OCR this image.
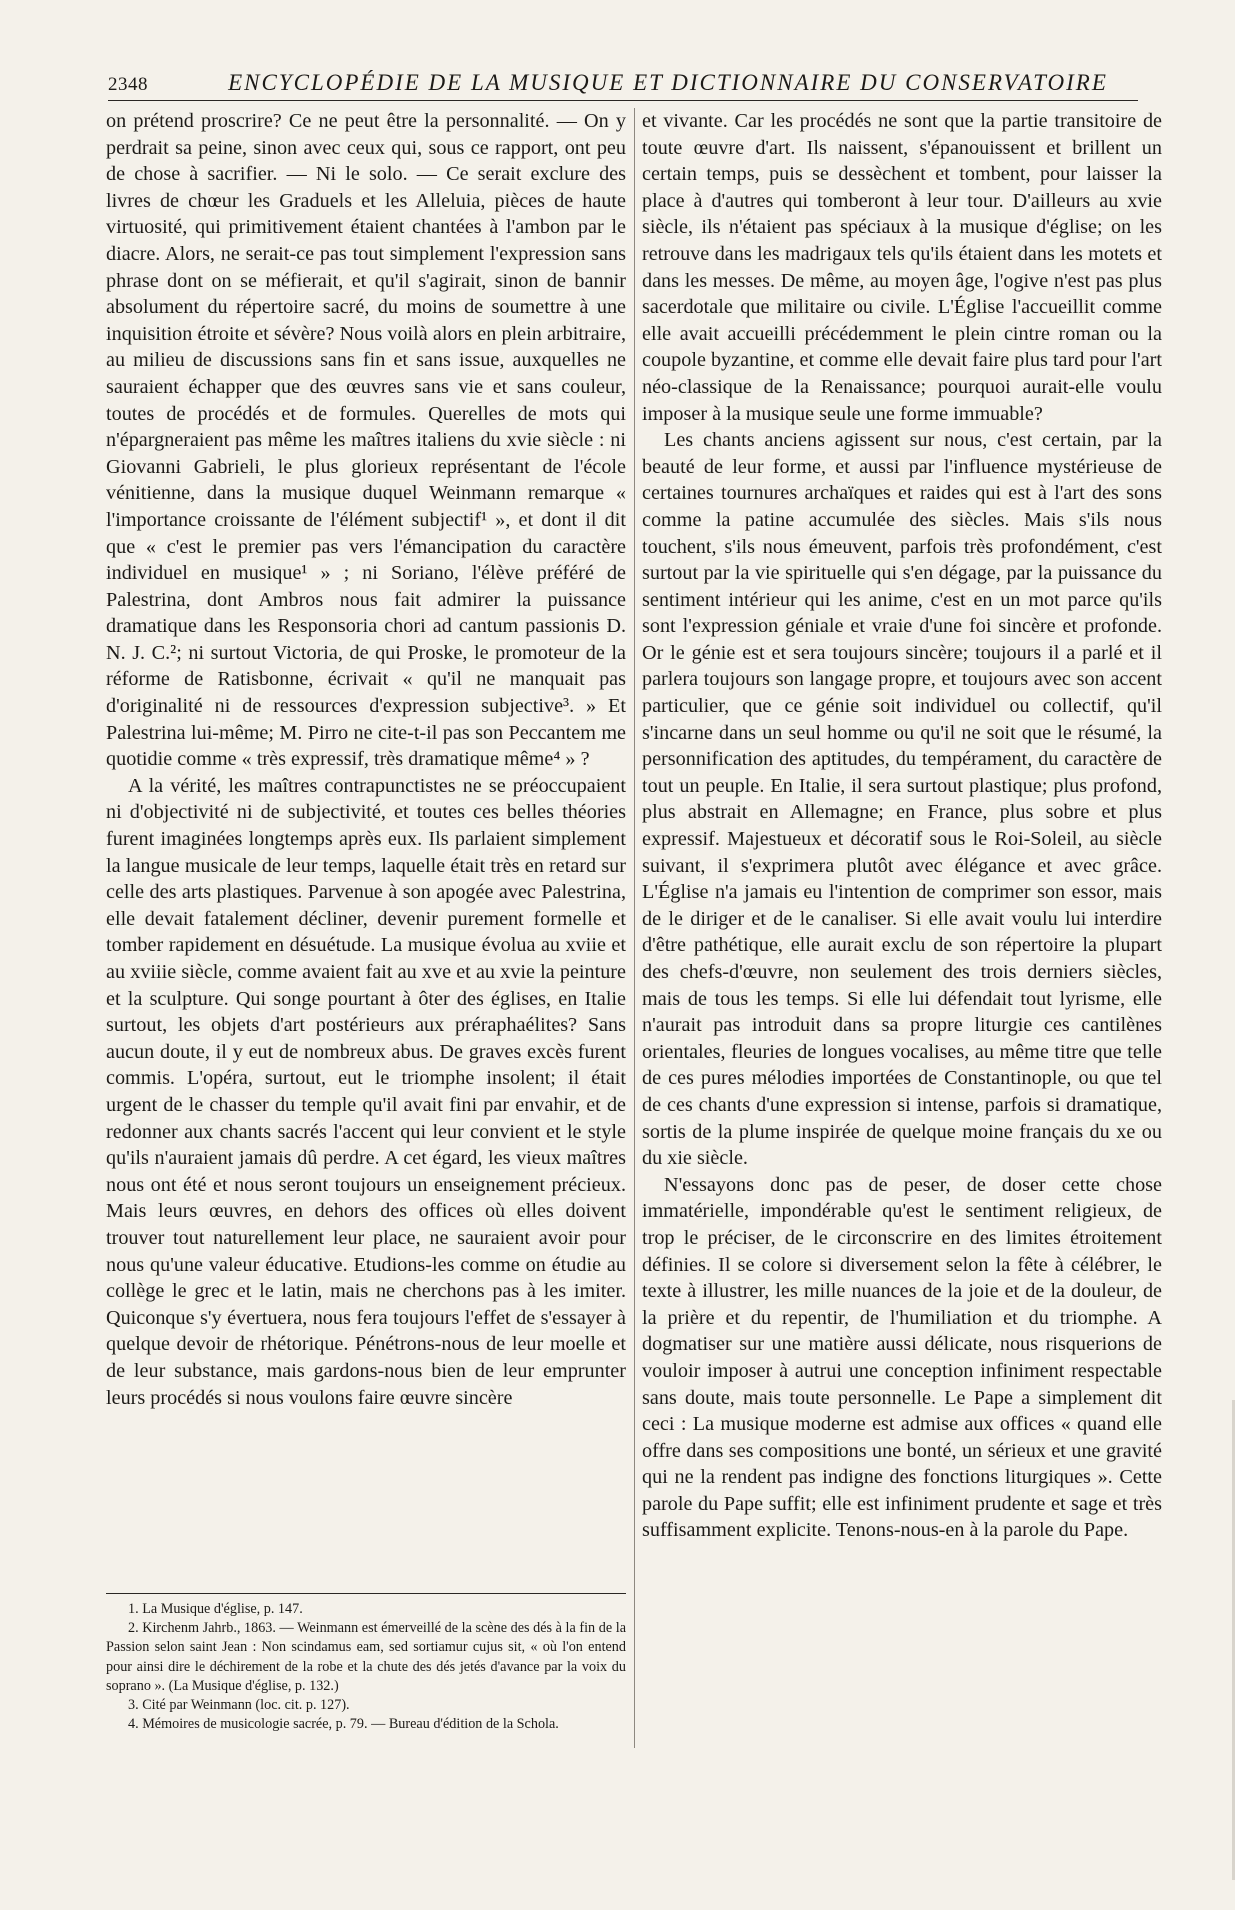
2348	ENCYCLOPÉDIE DE LA MUSIQUE ET DICTIONNAIRE DU CONSERVATOIRE

on prétend proscrire? Ce ne peut être la personnalité. — On y perdrait sa peine, sinon avec ceux qui, sous ce rapport, ont peu de chose à sacrifier. — Ni le solo. — Ce serait exclure des livres de chœur les Graduels et les Alleluia, pièces de haute virtuosité, qui primitivement étaient chantées à l'ambon par le diacre. Alors, ne serait-ce pas tout simplement l'expression sans phrase dont on se méfierait, et qu'il s'agirait, sinon de bannir absolument du répertoire sacré, du moins de soumettre à une inquisition étroite et sévère? Nous voilà alors en plein arbitraire, au milieu de discussions sans fin et sans issue, auxquelles ne sauraient échapper que des œuvres sans vie et sans couleur, toutes de procédés et de formules. Querelles de mots qui n'épargneraient pas même les maîtres italiens du xvie siècle : ni Giovanni Gabrieli, le plus glorieux représentant de l'école vénitienne, dans la musique duquel Weinmann remarque « l'importance croissante de l'élément subjectif¹ », et dont il dit que « c'est le premier pas vers l'émancipation du caractère individuel en musique¹ » ; ni Soriano, l'élève préféré de Palestrina, dont Ambros nous fait admirer la puissance dramatique dans les Responsoria chori ad cantum passionis D. N. J. C.²; ni surtout Victoria, de qui Proske, le promoteur de la réforme de Ratisbonne, écrivait « qu'il ne manquait pas d'originalité ni de ressources d'expression subjective³. » Et Palestrina lui-même; M. Pirro ne cite-t-il pas son Peccantem me quotidie comme « très expressif, très dramatique même⁴ » ?

A la vérité, les maîtres contrapunctistes ne se préoccupaient ni d'objectivité ni de subjectivité, et toutes ces belles théories furent imaginées longtemps après eux. Ils parlaient simplement la langue musicale de leur temps, laquelle était très en retard sur celle des arts plastiques. Parvenue à son apogée avec Palestrina, elle devait fatalement décliner, devenir purement formelle et tomber rapidement en désuétude. La musique évolua au xviie et au xviiie siècle, comme avaient fait au xve et au xvie la peinture et la sculpture. Qui songe pourtant à ôter des églises, en Italie surtout, les objets d'art postérieurs aux préraphaélites? Sans aucun doute, il y eut de nombreux abus. De graves excès furent commis. L'opéra, surtout, eut le triomphe insolent; il était urgent de le chasser du temple qu'il avait fini par envahir, et de redonner aux chants sacrés l'accent qui leur convient et le style qu'ils n'auraient jamais dû perdre. A cet égard, les vieux maîtres nous ont été et nous seront toujours un enseignement précieux. Mais leurs œuvres, en dehors des offices où elles doivent trouver tout naturellement leur place, ne sauraient avoir pour nous qu'une valeur éducative. Etudions-les comme on étudie au collège le grec et le latin, mais ne cherchons pas à les imiter. Quiconque s'y évertuera, nous fera toujours l'effet de s'essayer à quelque devoir de rhétorique. Pénétrons-nous de leur moelle et de leur substance, mais gardons-nous bien de leur emprunter leurs procédés si nous voulons faire œuvre sincère

1. La Musique d'église, p. 147.

2. Kirchenm Jahrb., 1863. — Weinmann est émerveillé de la scène des dés à la fin de la Passion selon saint Jean : Non scindamus eam, sed sortiamur cujus sit, « où l'on entend pour ainsi dire le déchirement de la robe et la chute des dés jetés d'avance par la voix du soprano ». (La Musique d'église, p. 132.)

3. Cité par Weinmann (loc. cit. p. 127).

4. Mémoires de musicologie sacrée, p. 79. — Bureau d'édition de la Schola.

et vivante. Car les procédés ne sont que la partie transitoire de toute œuvre d'art. Ils naissent, s'épanouissent et brillent un certain temps, puis se dessèchent et tombent, pour laisser la place à d'autres qui tomberont à leur tour. D'ailleurs au xvie siècle, ils n'étaient pas spéciaux à la musique d'église; on les retrouve dans les madrigaux tels qu'ils étaient dans les motets et dans les messes. De même, au moyen âge, l'ogive n'est pas plus sacerdotale que militaire ou civile. L'Église l'accueillit comme elle avait accueilli précédemment le plein cintre roman ou la coupole byzantine, et comme elle devait faire plus tard pour l'art néo-classique de la Renaissance; pourquoi aurait-elle voulu imposer à la musique seule une forme immuable?

Les chants anciens agissent sur nous, c'est certain, par la beauté de leur forme, et aussi par l'influence mystérieuse de certaines tournures archaïques et raides qui est à l'art des sons comme la patine accumulée des siècles. Mais s'ils nous touchent, s'ils nous émeuvent, parfois très profondément, c'est surtout par la vie spirituelle qui s'en dégage, par la puissance du sentiment intérieur qui les anime, c'est en un mot parce qu'ils sont l'expression géniale et vraie d'une foi sincère et profonde. Or le génie est et sera toujours sincère; toujours il a parlé et il parlera toujours son langage propre, et toujours avec son accent particulier, que ce génie soit individuel ou collectif, qu'il s'incarne dans un seul homme ou qu'il ne soit que le résumé, la personnification des aptitudes, du tempérament, du caractère de tout un peuple. En Italie, il sera surtout plastique; plus profond, plus abstrait en Allemagne; en France, plus sobre et plus expressif. Majestueux et décoratif sous le Roi-Soleil, au siècle suivant, il s'exprimera plutôt avec élégance et avec grâce. L'Église n'a jamais eu l'intention de comprimer son essor, mais de le diriger et de le canaliser. Si elle avait voulu lui interdire d'être pathétique, elle aurait exclu de son répertoire la plupart des chefs-d'œuvre, non seulement des trois derniers siècles, mais de tous les temps. Si elle lui défendait tout lyrisme, elle n'aurait pas introduit dans sa propre liturgie ces cantilènes orientales, fleuries de longues vocalises, au même titre que telle de ces pures mélodies importées de Constantinople, ou que tel de ces chants d'une expression si intense, parfois si dramatique, sortis de la plume inspirée de quelque moine français du xe ou du xie siècle.

N'essayons donc pas de peser, de doser cette chose immatérielle, impondérable qu'est le sentiment religieux, de trop le préciser, de le circonscrire en des limites étroitement définies. Il se colore si diversement selon la fête à célébrer, le texte à illustrer, les mille nuances de la joie et de la douleur, de la prière et du repentir, de l'humiliation et du triomphe. A dogmatiser sur une matière aussi délicate, nous risquerions de vouloir imposer à autrui une conception infiniment respectable sans doute, mais toute personnelle. Le Pape a simplement dit ceci : La musique moderne est admise aux offices « quand elle offre dans ses compositions une bonté, un sérieux et une gravité qui ne la rendent pas indigne des fonctions liturgiques ». Cette parole du Pape suffit; elle est infiniment prudente et sage et très suffisamment explicite. Tenons-nous-en à la parole du Pape.
